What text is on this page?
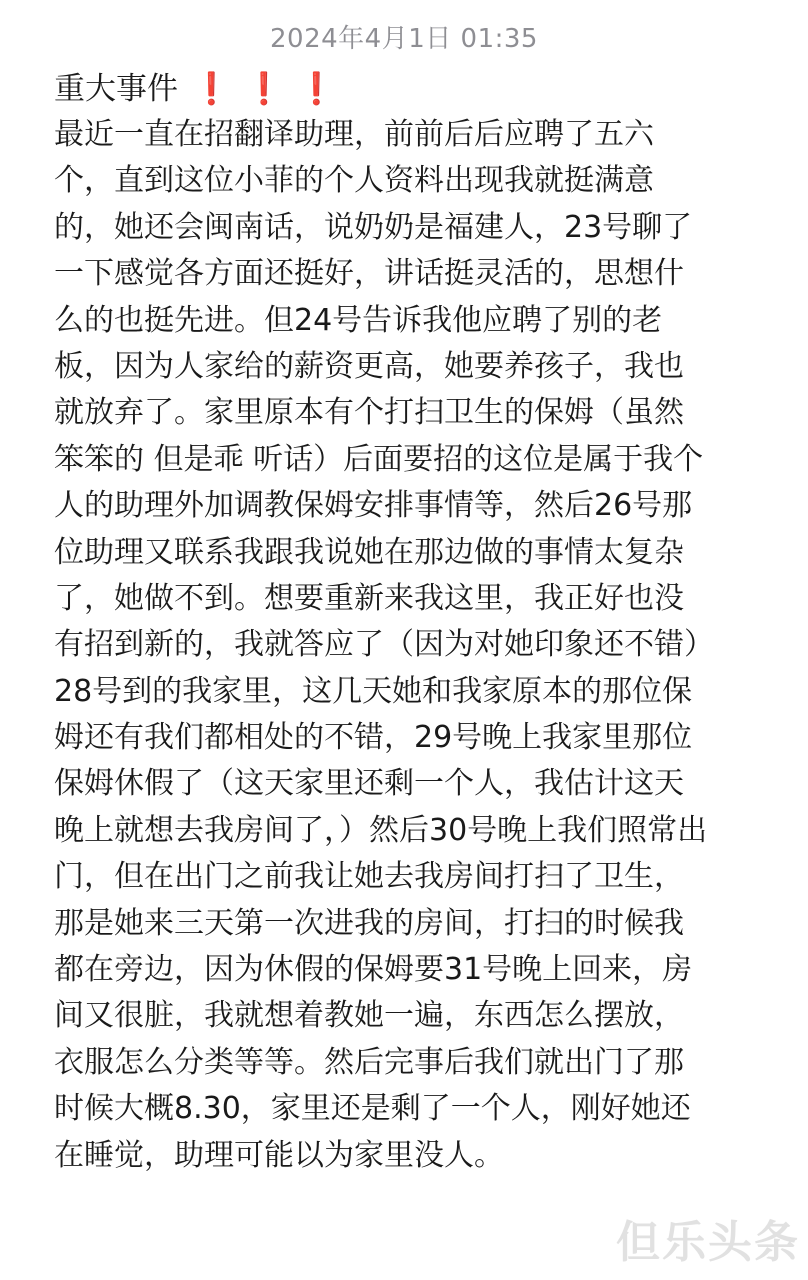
2024年4月1日 01:35
重大事件 ❗ ❗ ❗
最近一直在招翻译助理，前前后后应聘了五六
个，直到这位小菲的个人资料出现我就挺满意
的，她还会闽南话，说奶奶是福建人，23号聊了
一下感觉各方面还挺好，讲话挺灵活的，思想什
么的也挺先进。但24号告诉我他应聘了别的老
板，因为人家给的薪资更高，她要养孩子，我也
就放弃了。家里原本有个打扫卫生的保姆（虽然
笨笨的 但是乖 听话）后面要招的这位是属于我个
人的助理外加调教保姆安排事情等，然后26号那
位助理又联系我跟我说她在那边做的事情太复杂
了，她做不到。想要重新来我这里，我正好也没
有招到新的，我就答应了（因为对她印象还不错）
28号到的我家里，这几天她和我家原本的那位保
姆还有我们都相处的不错，29号晚上我家里那位
保姆休假了（这天家里还剩一个人，我估计这天
晚上就想去我房间了，）然后30号晚上我们照常出
门，但在出门之前我让她去我房间打扫了卫生，
那是她来三天第一次进我的房间，打扫的时候我
都在旁边，因为休假的保姆要31号晚上回来，房
间又很脏，我就想着教她一遍，东西怎么摆放，
衣服怎么分类等等。然后完事后我们就出门了那
时候大概8.30，家里还是剩了一个人，刚好她还
在睡觉，助理可能以为家里没人。
但乐头条
